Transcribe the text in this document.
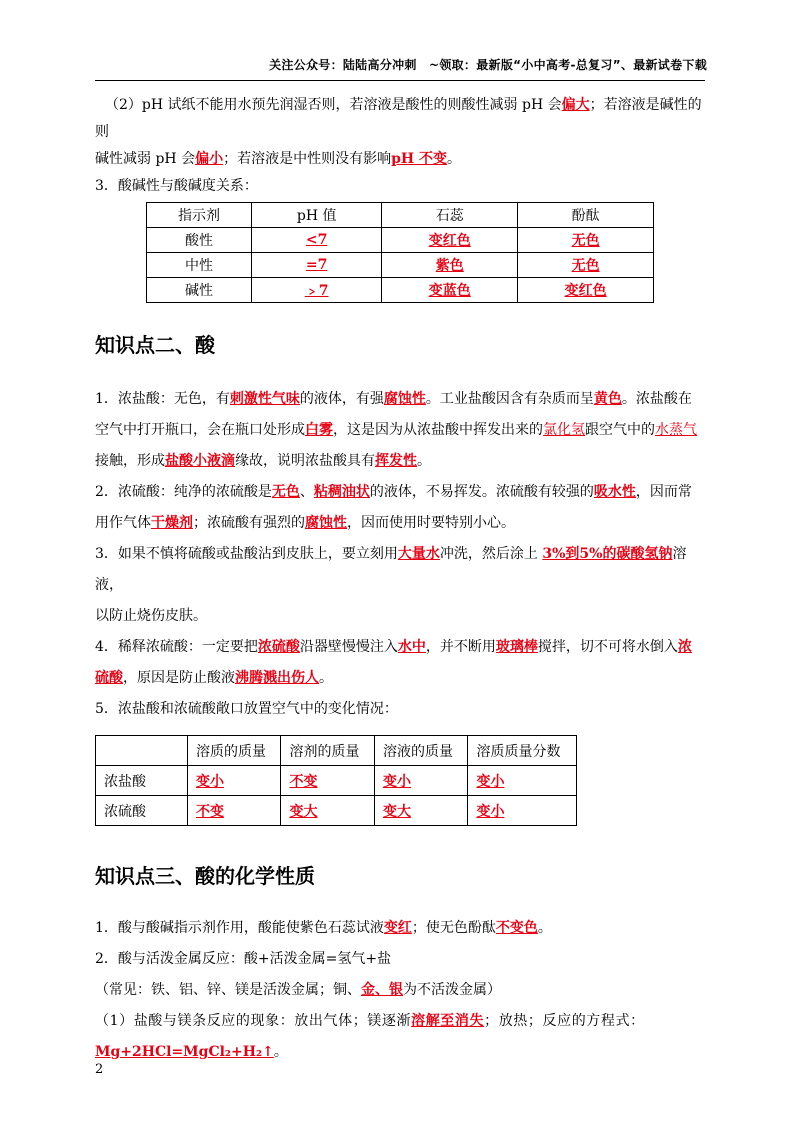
关注公众号：陆陆高分冲刺　~领取：最新版“小中高考-总复习”、最新试卷下载

（2）pH 试纸不能用水预先润湿否则，若溶液是酸性的则酸性减弱 pH 会偏大；若溶液是碱性的则
碱性减弱 pH 会偏小；若溶液是中性则没有影响pH 不变。

3．酸碱性与酸碱度关系：

指示剂	pH 值	石蕊	酚酞
酸性	<7	变红色	无色
中性	=7	紫色	无色
碱性	﹥7	变蓝色	变红色
知识点二、酸

1．浓盐酸：无色，有刺激性气味的液体，有强腐蚀性。工业盐酸因含有杂质而呈黄色。浓盐酸在
空气中打开瓶口，会在瓶口处形成白雾，这是因为从浓盐酸中挥发出来的氯化氢跟空气中的水蒸气
接触，形成盐酸小液滴缘故，说明浓盐酸具有挥发性。

2．浓硫酸：纯净的浓硫酸是无色、粘稠油状的液体，不易挥发。浓硫酸有较强的吸水性，因而常
用作气体干燥剂；浓硫酸有强烈的腐蚀性，因而使用时要特别小心。

3．如果不慎将硫酸或盐酸沾到皮肤上，要立刻用大量水冲洗，然后涂上 3%到5%的碳酸氢钠溶液，
以防止烧伤皮肤。

4．稀释浓硫酸：一定要把浓硫酸沿器壁慢慢注入水中，并不断用玻璃棒搅拌，切不可将水倒入浓
硫酸，原因是防止酸液沸腾溅出伤人。

5．浓盐酸和浓硫酸敞口放置空气中的变化情况：

	溶质的质量	溶剂的质量	溶液的质量	溶质质量分数
浓盐酸	变小	不变	变小	变小
浓硫酸	不变	变大	变大	变小
知识点三、酸的化学性质

1．酸与酸碱指示剂作用，酸能使紫色石蕊试液变红；使无色酚酞不变色。

2．酸与活泼金属反应：酸+活泼金属=氢气+盐

（常见：铁、铝、锌、镁是活泼金属；铜、金、银为不活泼金属）

（1）盐酸与镁条反应的现象：放出气体；镁逐渐溶解至消失；放热；反应的方程式：
Mg+2HCl=MgCl₂+H₂↑。

2
